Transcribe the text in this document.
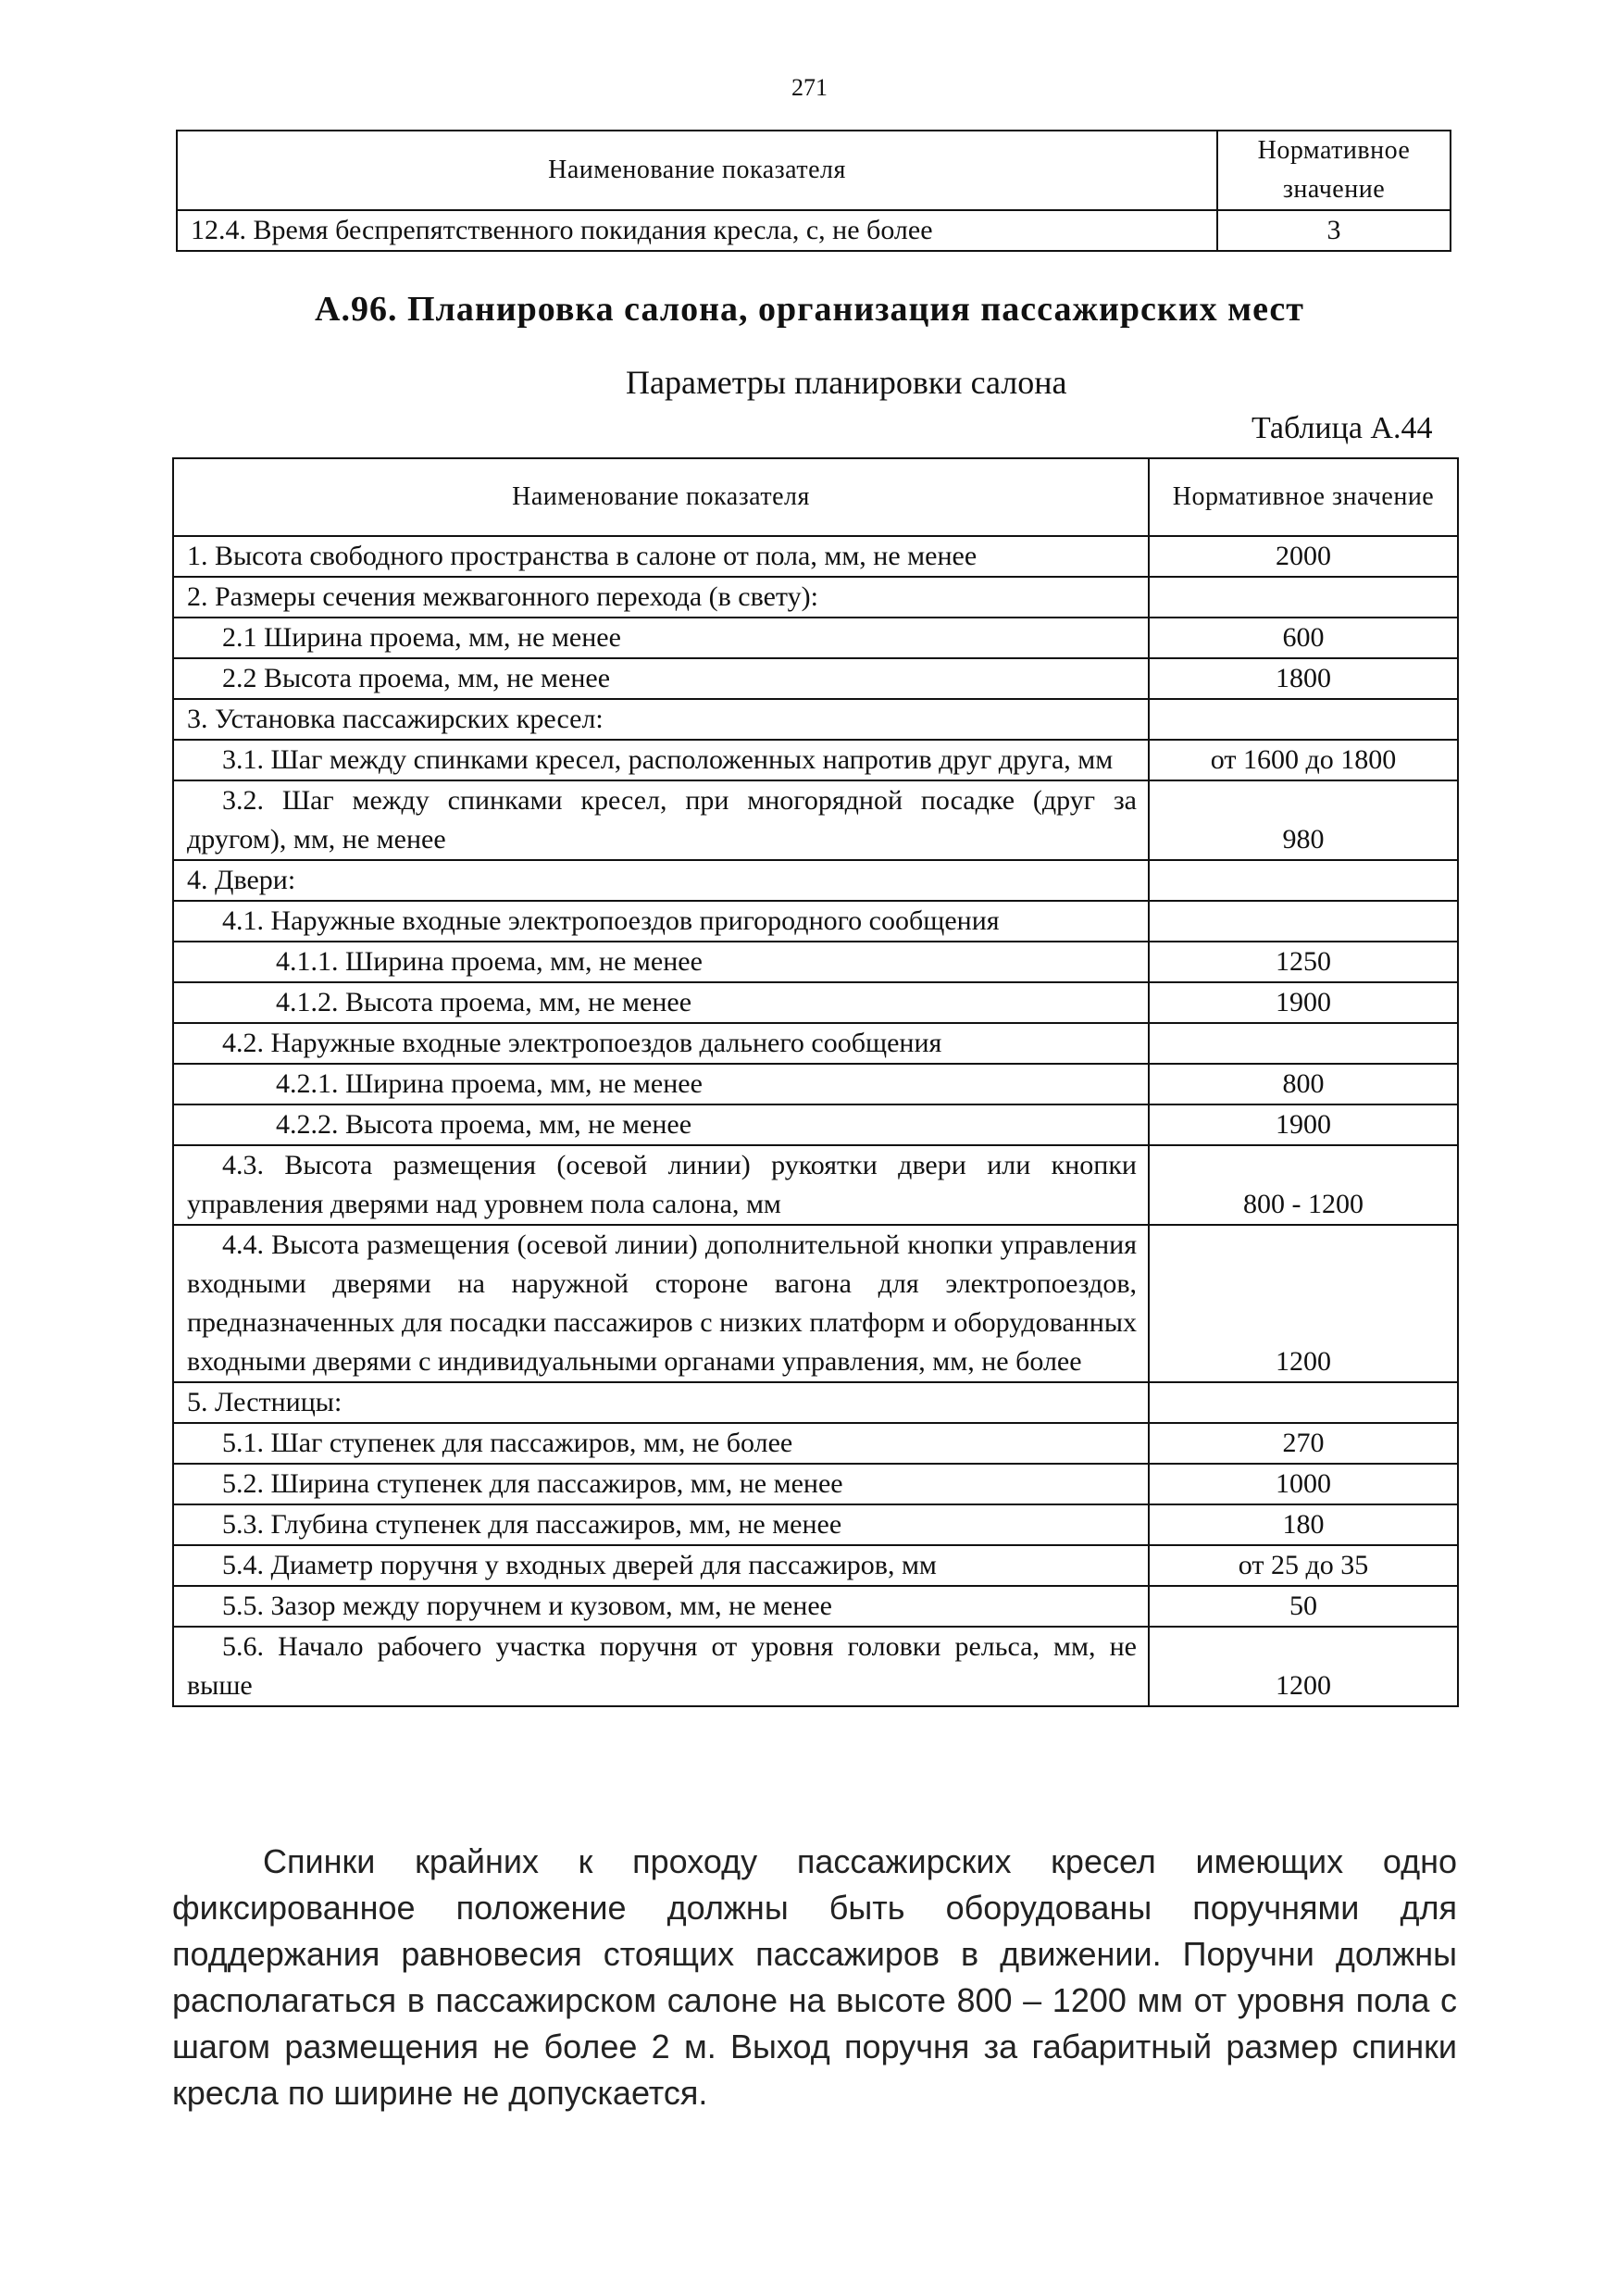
271
Наименование показателя	Нормативное значение
12.4. Время беспрепятственного покидания кресла, с, не более	3
А.96. Планировка салона, организация пассажирских мест
Параметры планировки салона
Таблица А.44
Наименование показателя	Нормативное значение
1. Высота свободного пространства в салоне от пола, мм, не менее	2000
2. Размеры сечения межвагонного перехода (в свету):	
2.1 Ширина проема, мм, не менее	600
2.2 Высота проема, мм, не менее	1800
3. Установка пассажирских кресел:	
3.1. Шаг между спинками кресел, расположенных напротив друг друга, мм	от 1600 до 1800
3.2. Шаг между спинками кресел, при многорядной посадке (друг за другом), мм, не менее	980
4. Двери:	
4.1. Наружные входные электропоездов пригородного сообщения	
4.1.1. Ширина проема, мм, не менее	1250
4.1.2. Высота проема, мм, не менее	1900
4.2. Наружные входные электропоездов дальнего сообщения	
4.2.1. Ширина проема, мм, не менее	800
4.2.2. Высота проема, мм, не менее	1900
4.3. Высота размещения (осевой линии) рукоятки двери или кнопки управления дверями над уровнем пола салона, мм	800 - 1200
4.4. Высота размещения (осевой линии) дополнительной кнопки управления входными дверями на наружной стороне вагона для электропоездов, предназначенных для посадки пассажиров с низких платформ и оборудованных входными дверями с индивидуальными органами управления, мм, не более	1200
5. Лестницы:	
5.1. Шаг ступенек для пассажиров, мм, не более	270
5.2. Ширина ступенек для пассажиров, мм, не менее	1000
5.3. Глубина ступенек для пассажиров, мм, не менее	180
5.4. Диаметр поручня у входных дверей для пассажиров, мм	от 25 до 35
5.5. Зазор между поручнем и кузовом, мм, не менее	50
5.6. Начало рабочего участка поручня от уровня головки рельса, мм, не выше	1200
Спинки крайних к проходу пассажирских кресел имеющих одно фиксированное положение должны быть оборудованы поручнями для поддержания равновесия стоящих пассажиров в движении. Поручни должны располагаться в пассажирском салоне на высоте 800 – 1200 мм от уровня пола с шагом размещения не более 2 м. Выход поручня за габаритный размер спинки кресла по ширине не допускается.
